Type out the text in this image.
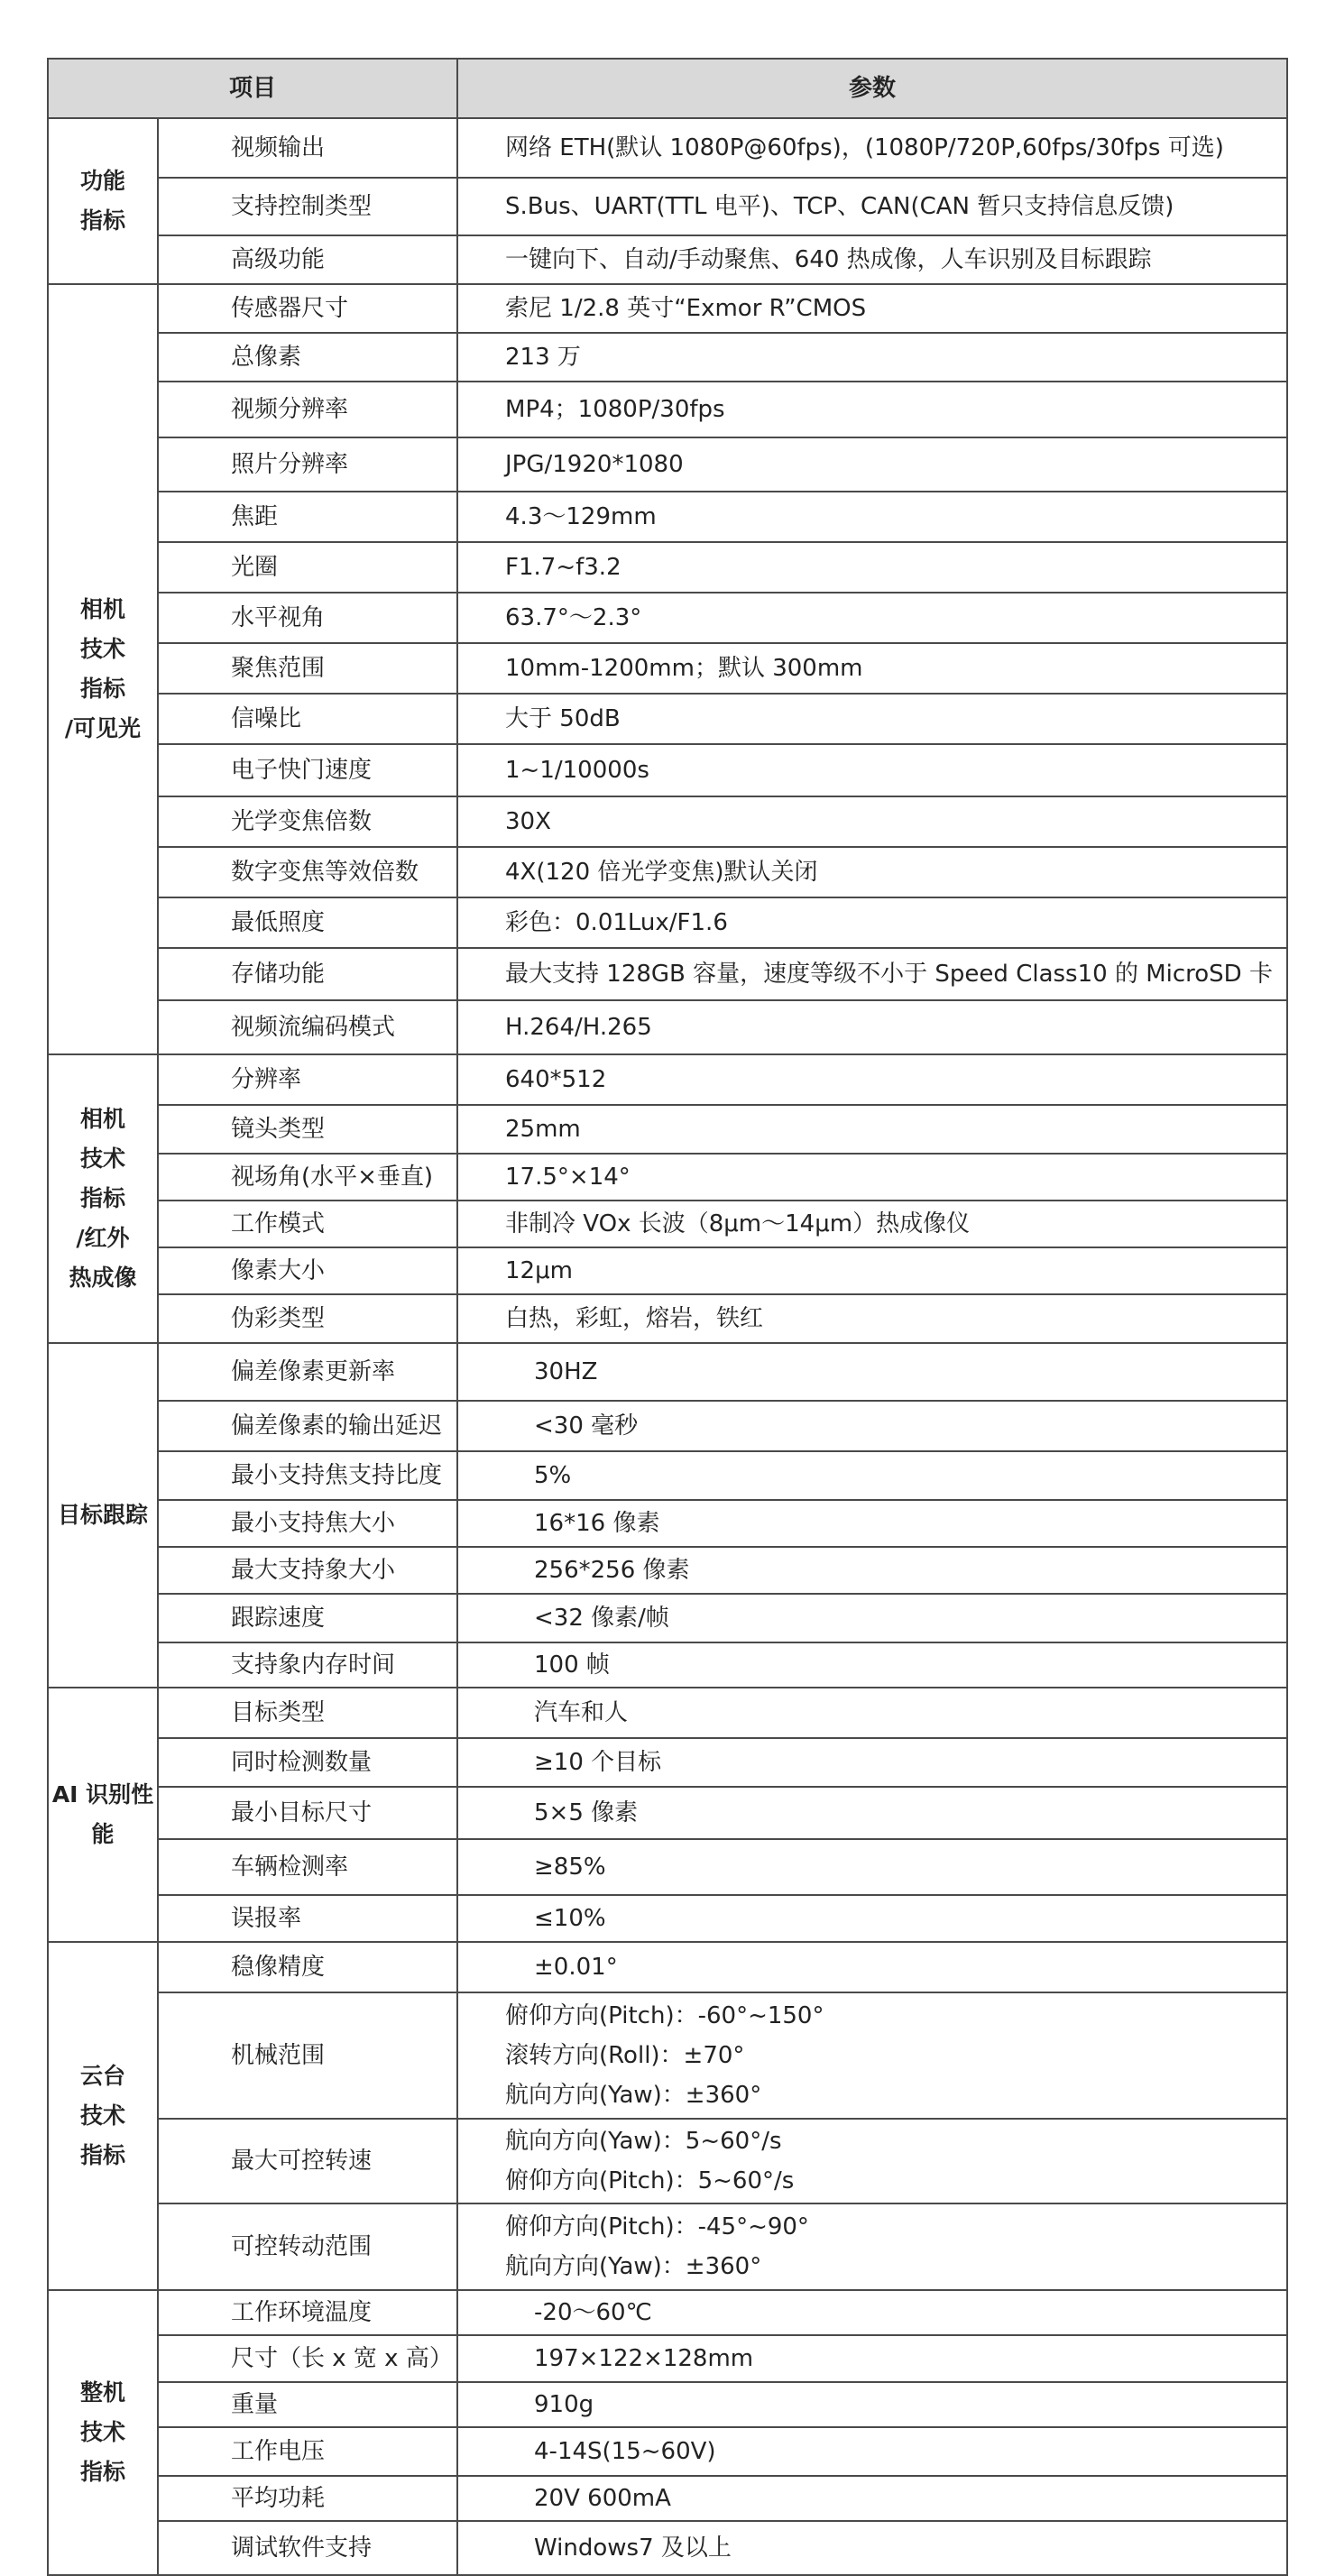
项目		参数

功能
指标	视频输出	网络 ETH(默认 1080P@60fps)，(1080P/720P,60fps/30fps 可选)

	支持控制类型	S.Bus、UART(TTL 电平)、TCP、CAN(CAN 暂只支持信息反馈)

	高级功能	一键向下、自动/手动聚焦、640 热成像，人车识别及目标跟踪

相机
技术
指标
/可见光	传感器尺寸	索尼 1/2.8 英寸“Exmor R”CMOS

	总像素	213 万

	视频分辨率	MP4；1080P/30fps

	照片分辨率	JPG/1920*1080

	焦距	4.3～129mm

	光圈	F1.7~f3.2

	水平视角	63.7°～2.3°

	聚焦范围	10mm-1200mm；默认 300mm

	信噪比	大于 50dB

	电子快门速度	1~1/10000s

	光学变焦倍数	30X

	数字变焦等效倍数	4X(120 倍光学变焦)默认关闭

	最低照度	彩色：0.01Lux/F1.6

	存储功能	最大支持 128GB 容量，速度等级不小于 Speed Class10 的 MicroSD 卡

	视频流编码模式	H.264/H.265

相机
技术
指标
/红外
热成像	分辨率	640*512

	镜头类型	25mm

	视场角(水平×垂直)	17.5°×14°

	工作模式	非制冷 VOx 长波（8μm～14μm）热成像仪

	像素大小	12μm

	伪彩类型	白热，彩虹，熔岩，铁红

目标跟踪	偏差像素更新率	30HZ

	偏差像素的输出延迟	<30 毫秒

	最小支持焦支持比度	5%

	最小支持焦大小	16*16 像素

	最大支持象大小	256*256 像素

	跟踪速度	<32 像素/帧

	支持象内存时间	100 帧

AI 识别性
能	目标类型	汽车和人

	同时检测数量	≥10 个目标

	最小目标尺寸	5×5 像素

	车辆检测率	≥85%

	误报率	≤10%

云台
技术
指标	稳像精度	±0.01°

	机械范围	俯仰方向(Pitch)：-60°~150°
滚转方向(Roll)：±70°
航向方向(Yaw)：±360°

	最大可控转速	航向方向(Yaw)：5~60°/s
俯仰方向(Pitch)：5~60°/s

	可控转动范围	俯仰方向(Pitch)：-45°~90°
航向方向(Yaw)：±360°

整机
技术
指标	工作环境温度	-20～60℃

	尺寸（长 x 宽 x 高）	197×122×128mm

	重量	910g

	工作电压	4-14S(15~60V)

	平均功耗	20V 600mA

	调试软件支持	Windows7 及以上
